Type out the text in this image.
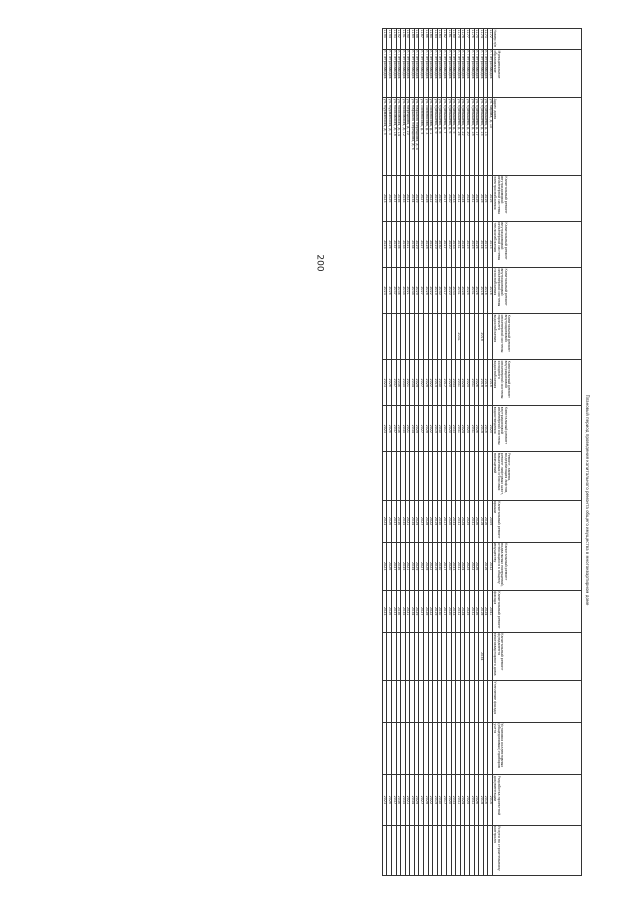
200
Плановый период проведения капитального ремонта общего имущества в многоквартирном доме
Номер п/п	Муниципальное образование	Адрес дома	Капитальный ремонт внутридомовой инженерной системы электроснабжения	Капитальный ремонт внутридомовой инженерной системы теплоснабжения	Капитальный ремонт внутридомовой инженерной системы газоснабжения	Капитальный ремонт внутридомовой инженерной системы горячего водоснабжения	Капитальный ремонт внутридомовой инженерной системы холодного водоснабжения	Капитальный ремонт внутридомовой инженерной системы водоотведения	Ремонт, замена, модернизация лифтов, ремонт лифтовых шахт, машинных и блочных помещений	Капитальный ремонт крыши	Капитальный ремонт подвальных помещений, относящихся к общему имуществу	Капитальный ремонт фасада	Капитальный ремонт фундамента многоквартирного дома	Утепление фасада	Установка коллективных (общедомовых) приборов учета	Разработка проектной документации	Услуги по строительному контролю
1172	г. Петрозаводск	ул. Кирова, д. 10	2016	2015	2016		2016	2025		2009	2032	2041				2016	
1173	г. Петрозаводск	ул. Куйбышева, д. 13	2016	2015	2016		2016	2016		2016	2016	2024				2016	
1174	г. Петрозаводск	ул. Куйбышева, д. 15	2018	2014	2018	2018	2018	2018		2018		2018	2034			2018	
1175	г. Петрозаводск	ул. Куйбышева, д. 17	2026	2026	2026		2026	2026		2026	2026	2026				2026	
1176	г. Петрозаводск	ул. Куйбышева, д. 18	2031	2025	2031		2031	2031		2031	2022	2031				2031	
1177	г. Петрозаводск	ул. Куйбышева, д. 20	2025	2025	2025		2025	2025		2025	2025	2025				2025	
1178	г. Петрозаводск	ул. Куйбышева, д. 22	2024	2024	2024		2024	2024		2024	2024	2024				2024	
1179	г. Петрозаводск	ул. Куйбышева, д. 26	2031	2031	2031	2031	2031	2031		2031	2031	2031				2031	
1180	г. Петрозаводск	ул. Куйбышева, д. 5	2033	2033	2033		2033	2033		2033	2033	2033				2033	
1181	г. Петрозаводск	ул. Куйбышева, д. 6	2020	2020	2020		2020	2020		2020	2020	2020				2020	
1182	г. Петрозаводск	ул. Куйбышева, д. 7	2017	2017	2017		2017	2017		2017	2017	2017				2017	
1183	г. Петрозаводск	ул. Куйбышева, д. 8	2030	2030	2030		2030	2030		2030	2030	2030				2030	
1184	г. Петрозаводск	ул. Куйбышева, д. 9	2019	2019	2019		2019	2019		2019	2019	2019				2019	
1185	г. Петрозаводск	ул. Ломоносова, д. 1	2022	2022	2022		2022	2022		2022	2022	2022				2022	
1186	г. Петрозаводск	ул. Ломоносова, д. 3	2028	2028	2028		2028	2028		2028	2028	2028				2028	
1187	г. Петрозаводск	ул. Ломоносова, д. 5	2027	2027	2027		2027	2027		2027	2027	2027				2027	
1188	г. Петрозаводск	ул. Маршала Мерецкова, д. 4	2029	2029	2029		2029	2029		2029	2029	2029				2029	
1189	г. Петрозаводск	ул. Маршала Мерецкова, д. 6	2034	2034	2034		2034	2034		2034	2034	2034				2034	
1190	г. Петрозаводск	ул. Мерецкова, д. 10	2021	2021	2021		2021	2021		2021	2021	2021				2021	
1191	г. Петрозаводск	ул. Московская, д. 12	2035	2035	2035		2035	2035		2035	2035	2035				2035	
1192	г. Петрозаводск	ул. Московская, д. 14	2036	2036	2036		2036	2036		2036	2036	2036				2036	
1193	г. Петрозаводск	ул. Московская, д. 16	2037	2037	2037		2037	2037		2037	2037	2037				2037	
1194	г. Петрозаводск	ул. Мурманская, д. 3	2026	2026	2026		2026	2026		2026	2026	2026				2026	
1195	г. Петрозаводск	ул. Мурманская, д. 5	2023	2023	2023		2023	2023		2023	2023	2023				2023	
